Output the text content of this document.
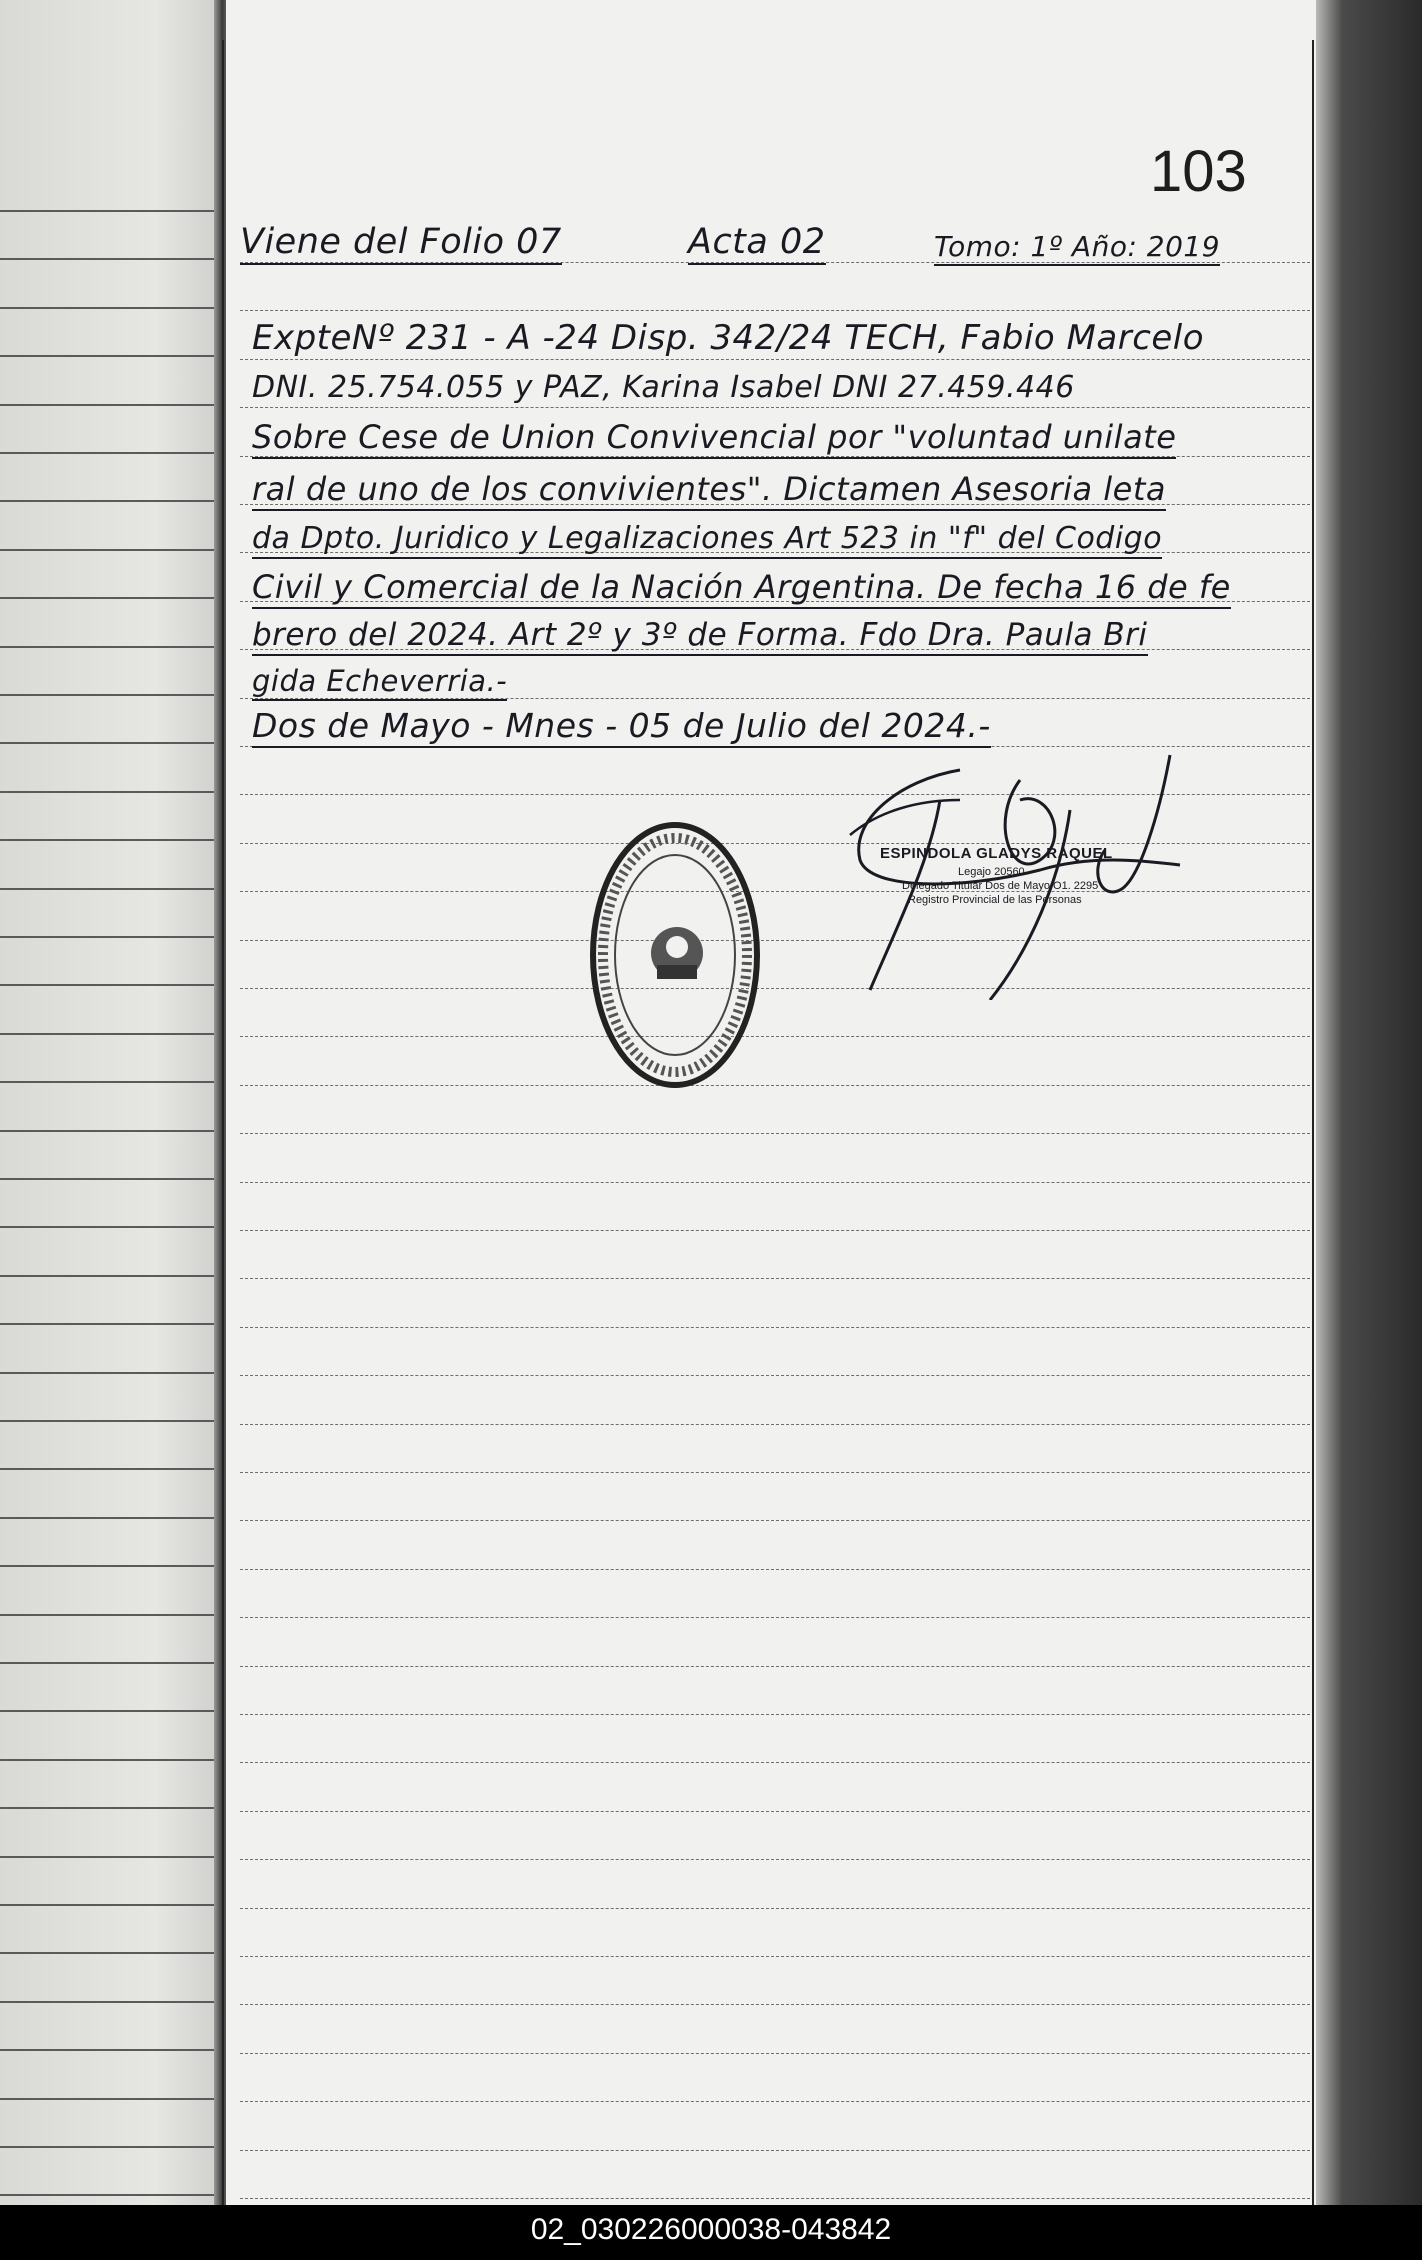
103
Viene del Folio 07	Acta 02	Tomo: 1º Año: 2019
ExpteNº 231 - A -24 Disp. 342/24 TECH, Fabio Marcelo
DNI. 25.754.055 y PAZ, Karina Isabel DNI 27.459.446
Sobre Cese de Union Convivencial por "voluntad unilate
ral de uno de los convivientes". Dictamen Asesoria leta
da Dpto. Juridico y Legalizaciones Art 523 in "f" del Codigo
Civil y Comercial de la Nación Argentina. De fecha 16 de fe
brero del 2024. Art 2º y 3º de Forma. Fdo Dra. Paula Bri
gida Echeverria.-
Dos de Mayo - Mnes - 05 de Julio del 2024.-
ESPINDOLA GLADYS RAQUEL
Legajo 20560
Delegado Titular Dos de Mayo O1. 2295
Registro Provincial de las Personas
02_030226000038-043842
